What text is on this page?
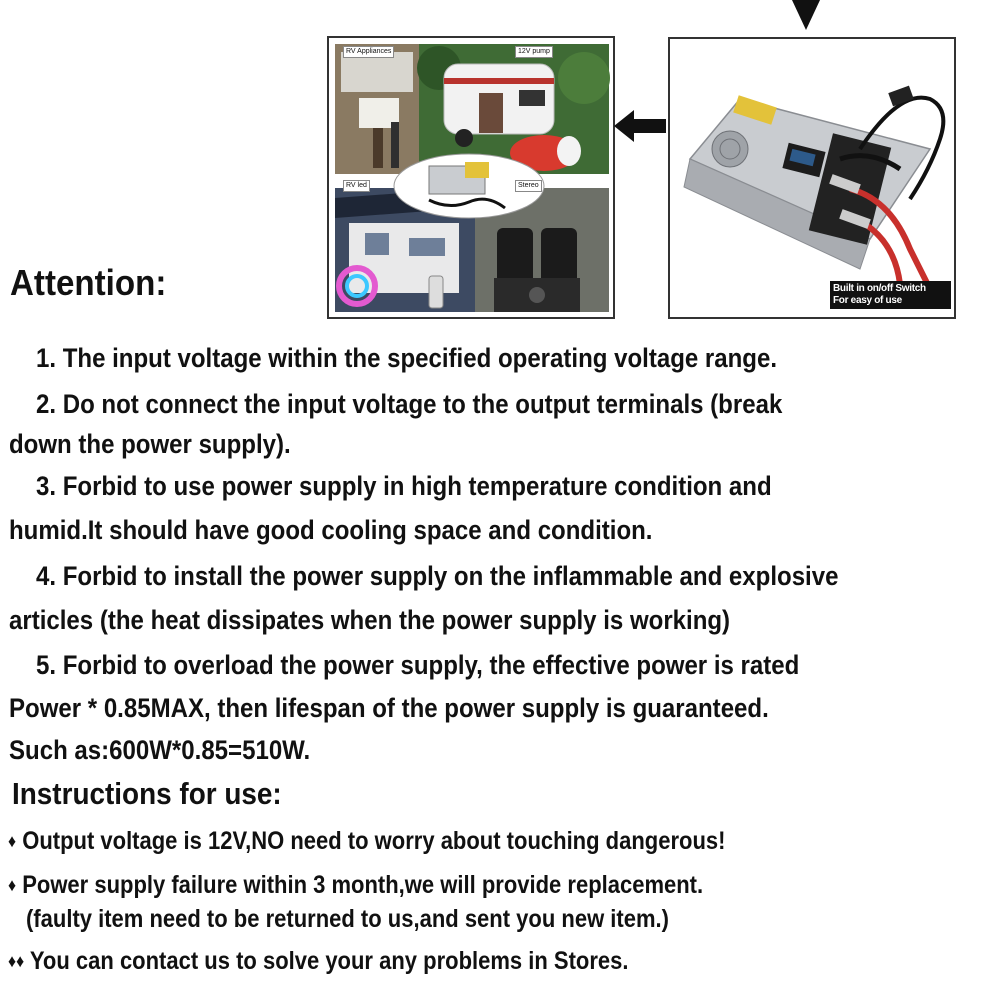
RV Appliances	12V pump
RV led	Stereo
Built in on/off Switch
For easy of use
Attention:

1. The input voltage within the specified operating voltage range.

2. Do not connect the input voltage to the output terminals (break

down the power supply).

3. Forbid to use power supply in high temperature condition and

humid.It should have good cooling space and condition.

4. Forbid to install the power supply on the inflammable and explosive

articles (the heat dissipates when the power supply is working)

5. Forbid to overload the power supply, the effective power is rated

Power * 0.85MAX, then lifespan of the power supply is guaranteed.

Such as:600W*0.85=510W.

Instructions for use:

♦ Output voltage is 12V,NO need to worry about touching dangerous!

♦ Power supply failure within 3 month,we will provide replacement.

(faulty item need to be returned to us,and sent you new item.)

♦♦ You can contact us to solve your any problems in Stores.
